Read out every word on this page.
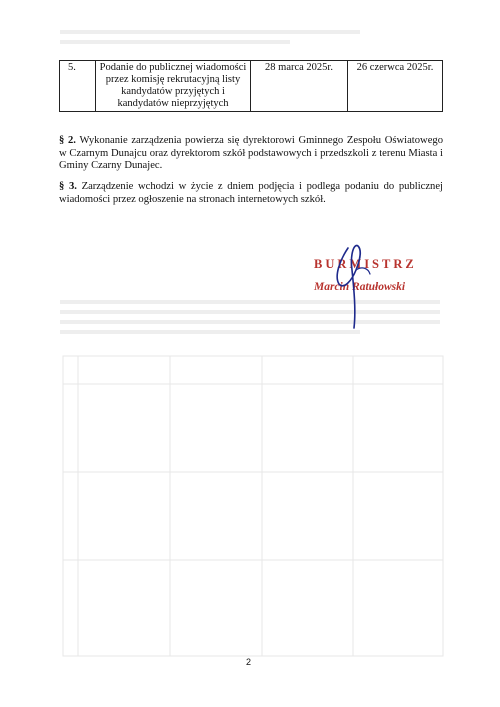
5.	Podanie do publicznej wiadomości przez komisję rekrutacyjną listy kandydatów przyjętych i kandydatów nieprzyjętych	28 marca 2025r.	26 czerwca 2025r.

§ 2. Wykonanie zarządzenia powierza się dyrektorowi Gminnego Zespołu Oświatowego w Czarnym Dunajcu oraz dyrektorom szkół podstawowych i przedszkoli z terenu Miasta i Gminy Czarny Dunajec.

§ 3. Zarządzenie wchodzi w życie z dniem podjęcia i podlega podaniu do publicznej wiadomości przez ogłoszenie na stronach internetowych szkół.

BURMISTRZ

Marcin Ratułowski

2
